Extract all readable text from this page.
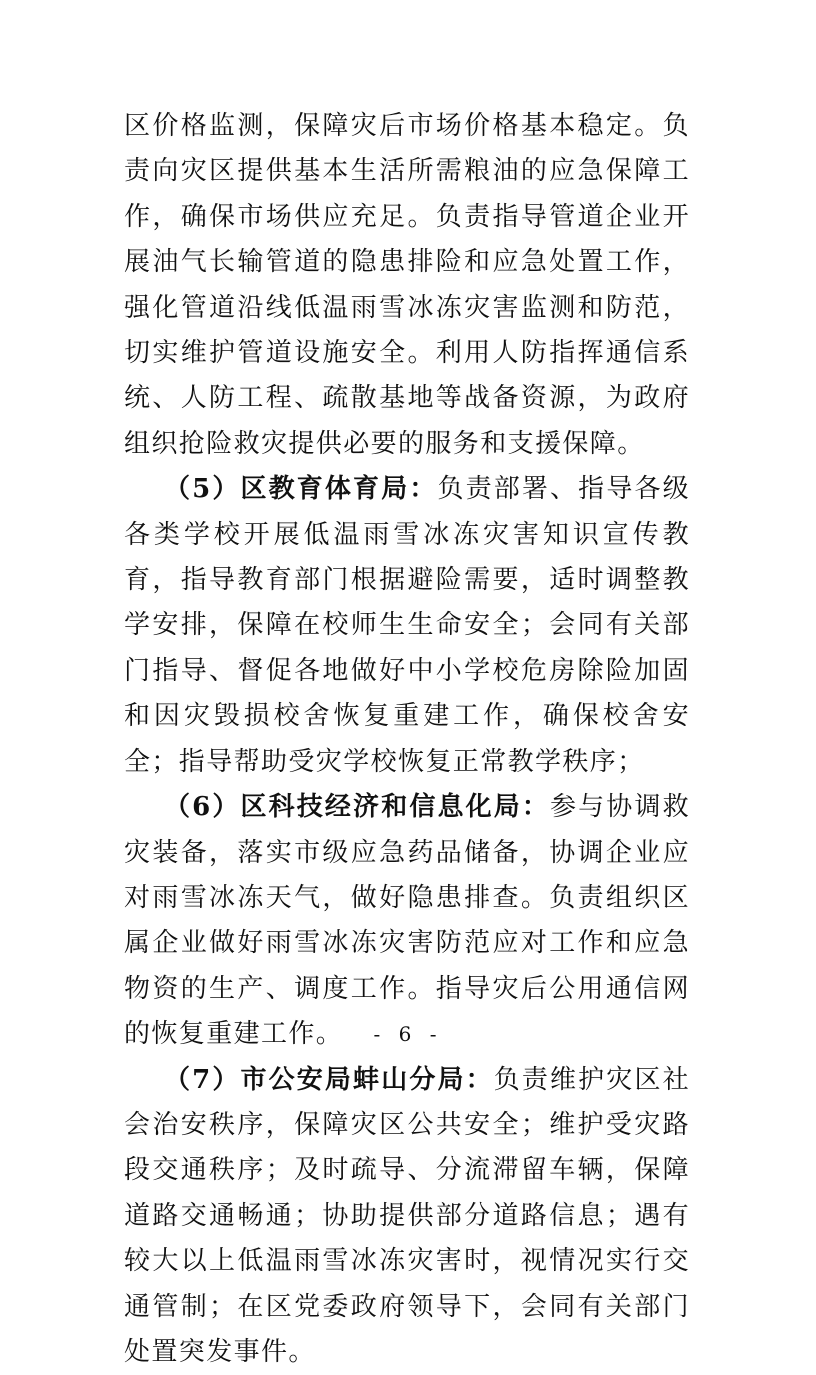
区价格监测，保障灾后市场价格基本稳定。负责向灾区提供基本生活所需粮油的应急保障工作，确保市场供应充足。负责指导管道企业开展油气长输管道的隐患排险和应急处置工作，强化管道沿线低温雨雪冰冻灾害监测和防范，切实维护管道设施安全。利用人防指挥通信系统、人防工程、疏散基地等战备资源，为政府组织抢险救灾提供必要的服务和支援保障。

（5）区教育体育局：负责部署、指导各级各类学校开展低温雨雪冰冻灾害知识宣传教育，指导教育部门根据避险需要，适时调整教学安排，保障在校师生生命安全；会同有关部门指导、督促各地做好中小学校危房除险加固和因灾毁损校舍恢复重建工作，确保校舍安全；指导帮助受灾学校恢复正常教学秩序；

（6）区科技经济和信息化局：参与协调救灾装备，落实市级应急药品储备，协调企业应对雨雪冰冻天气，做好隐患排查。负责组织区属企业做好雨雪冰冻灾害防范应对工作和应急物资的生产、调度工作。指导灾后公用通信网的恢复重建工作。

（7）市公安局蚌山分局：负责维护灾区社会治安秩序，保障灾区公共安全；维护受灾路段交通秩序；及时疏导、分流滞留车辆，保障道路交通畅通；协助提供部分道路信息；遇有较大以上低温雨雪冰冻灾害时，视情况实行交通管制；在区党委政府领导下，会同有关部门处置突发事件。

- 6 -
